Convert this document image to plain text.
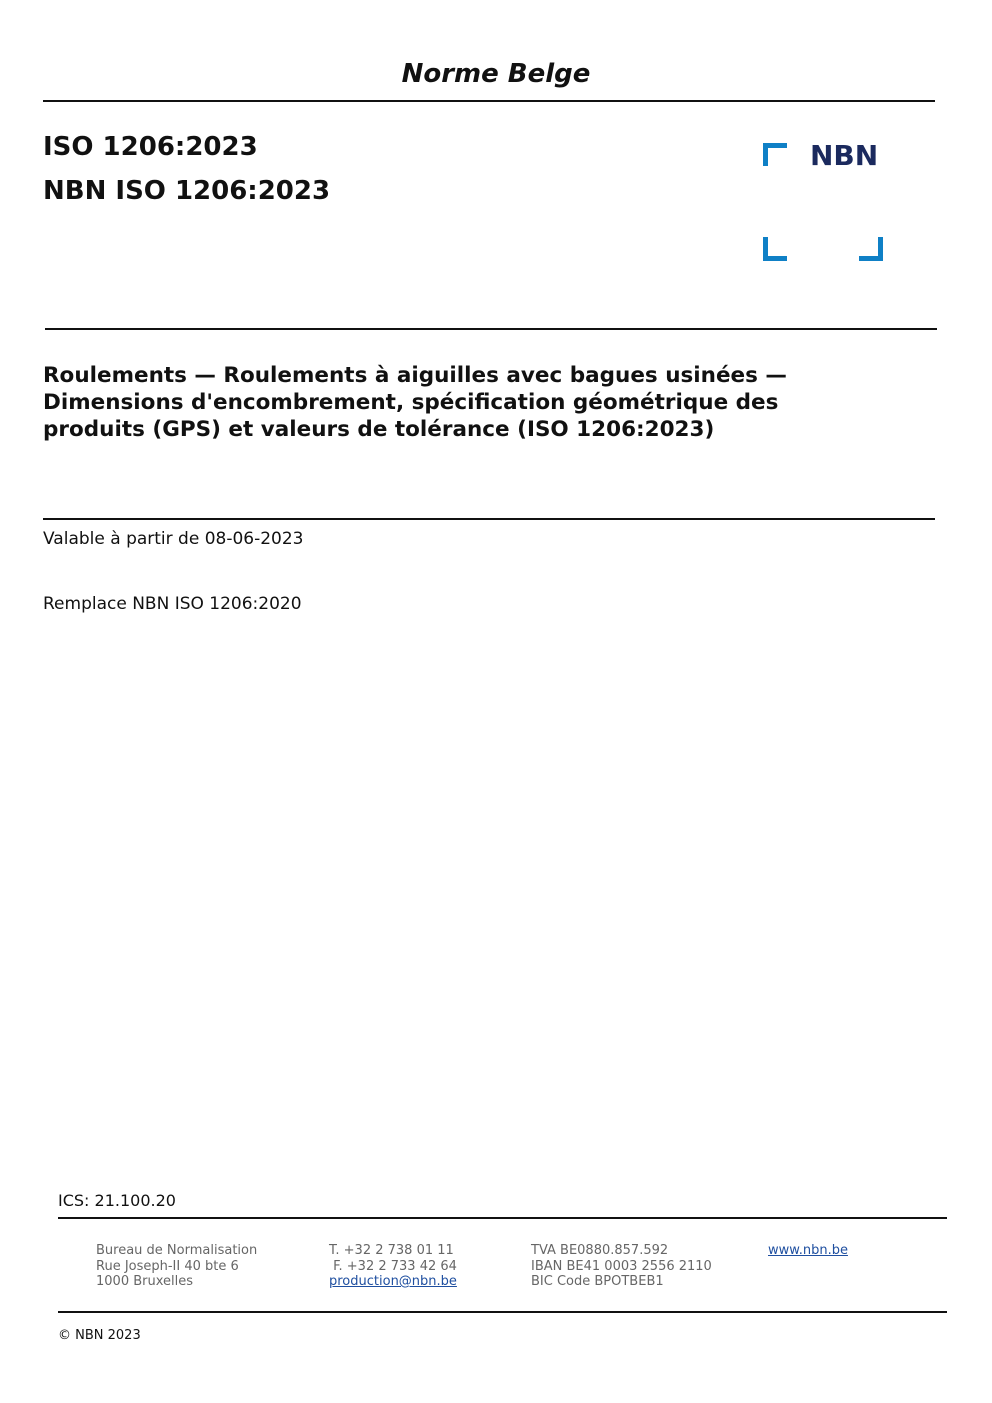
Norme Belge
ISO 1206:2023
NBN ISO 1206:2023
NBN
Roulements — Roulements à aiguilles avec bagues usinées —
Dimensions d'encombrement, spécification géométrique des
produits (GPS) et valeurs de tolérance (ISO 1206:2023)
Valable à partir de 08-06-2023
Remplace NBN ISO 1206:2020
ICS: 21.100.20
Bureau de Normalisation
Rue Joseph-II 40 bte 6
1000 Bruxelles
T. +32 2 738 01 11
F. +32 2 733 42 64
production@nbn.be
TVA BE0880.857.592
IBAN BE41 0003 2556 2110
BIC Code BPOTBEB1
www.nbn.be
© NBN 2023
